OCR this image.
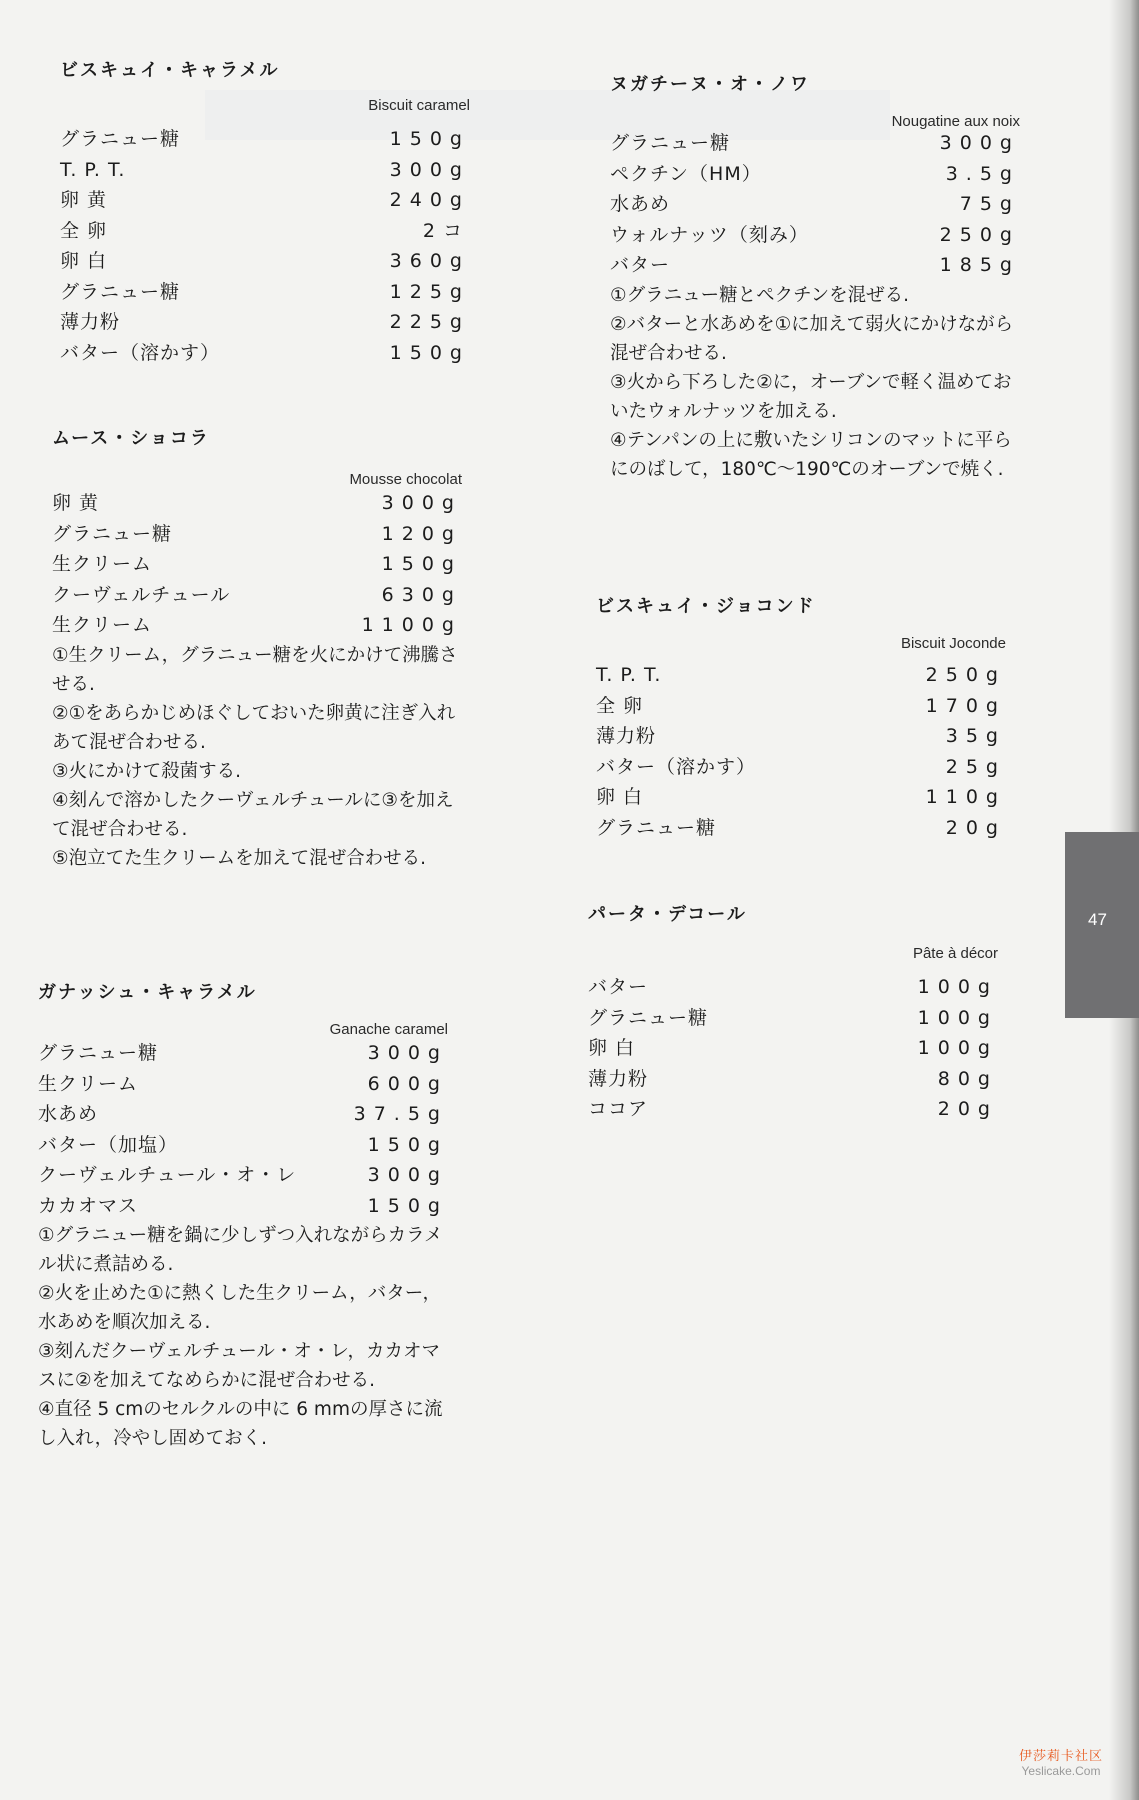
ビスキュイ・キャラメル
Biscuit caramel
グラニュー糖	150g
T. P. T.	300g
卵 黄	240g
全 卵	2コ
卵 白	360g
グラニュー糖	125g
薄力粉	225g
バター（溶かす）	150g
ムース・ショコラ
Mousse chocolat
卵 黄	300g
グラニュー糖	120g
生クリーム	150g
クーヴェルチュール	630g
生クリーム	1100g

①生クリーム，グラニュー糖を火にかけて沸騰させる.

②①をあらかじめほぐしておいた卵黄に注ぎ入れあて混ぜ合わせる.

③火にかけて殺菌する.

④刻んで溶かしたクーヴェルチュールに③を加えて混ぜ合わせる.

⑤泡立てた生クリームを加えて混ぜ合わせる.

ガナッシュ・キャラメル
Ganache caramel
グラニュー糖	300g
生クリーム	600g
水あめ	37.5g
バター（加塩）	150g
クーヴェルチュール・オ・レ	300g
カカオマス	150g

①グラニュー糖を鍋に少しずつ入れながらカラメル状に煮詰める.

②火を止めた①に熱くした生クリーム，バター，水あめを順次加える.

③刻んだクーヴェルチュール・オ・レ，カカオマスに②を加えてなめらかに混ぜ合わせる.

④直径 5 cmのセルクルの中に 6 mmの厚さに流し入れ，冷やし固めておく.

ヌガチーヌ・オ・ノワ
Nougatine aux noix
グラニュー糖	300g
ペクチン（HM）	3.5g
水あめ	75g
ウォルナッツ（刻み）	250g
バター	185g

①グラニュー糖とペクチンを混ぜる.

②バターと水あめを①に加えて弱火にかけながら混ぜ合わせる.

③火から下ろした②に，オーブンで軽く温めておいたウォルナッツを加える.

④テンパンの上に敷いたシリコンのマットに平らにのばして，180℃～190℃のオーブンで焼く.

ビスキュイ・ジョコンド
Biscuit Joconde
T. P. T.	250g
全 卵	170g
薄力粉	35g
バター（溶かす）	25g
卵 白	110g
グラニュー糖	20g
パータ・デコール
Pâte à décor
バター	100g
グラニュー糖	100g
卵 白	100g
薄力粉	80g
ココア	20g
47
伊莎莉卡社区
Yeslicake.Com
